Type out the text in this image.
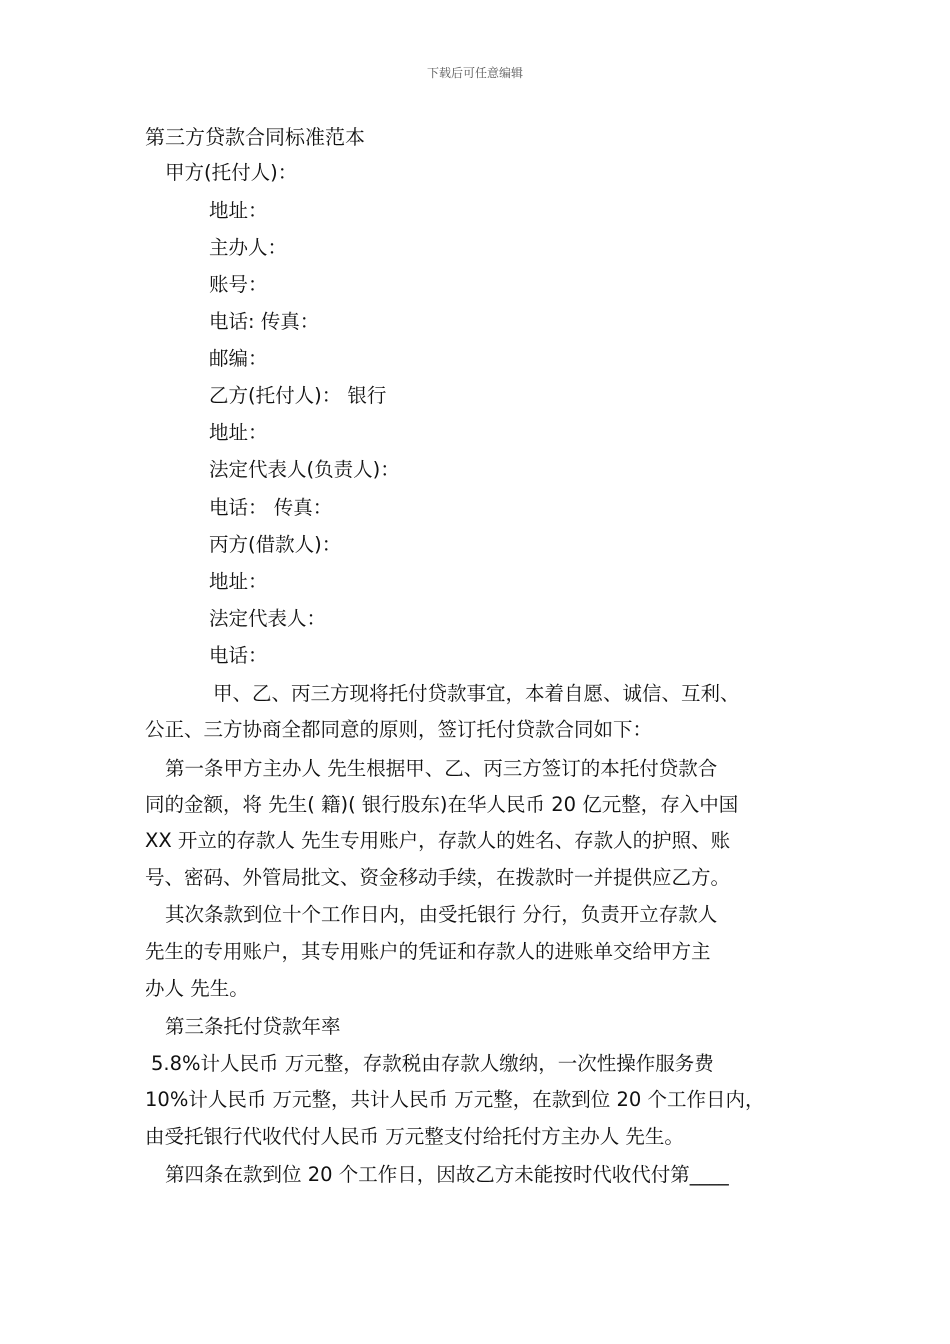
下载后可任意编辑
第三方贷款合同标准范本
甲方(托付人)：
地址：
主办人：
账号：
电话: 传真：
邮编：
乙方(托付人)： 银行
地址：
法定代表人(负责人)：
电话： 传真：
丙方(借款人)：
地址：
法定代表人：
电话：
甲、乙、丙三方现将托付贷款事宜，本着自愿、诚信、互利、
公正、三方协商全都同意的原则，签订托付贷款合同如下：
第一条甲方主办人 先生根据甲、乙、丙三方签订的本托付贷款合
同的金额，将 先生( 籍)( 银行股东)在华人民币 20 亿元整，存入中国
XX 开立的存款人 先生专用账户，存款人的姓名、存款人的护照、账
号、密码、外管局批文、资金移动手续，在拨款时一并提供应乙方。
其次条款到位十个工作日内，由受托银行 分行，负责开立存款人
先生的专用账户，其专用账户的凭证和存款人的进账单交给甲方主
办人 先生。
第三条托付贷款年率
5.8%计人民币 万元整，存款税由存款人缴纳，一次性操作服务费
10%计人民币 万元整，共计人民币 万元整，在款到位 20 个工作日内，
由受托银行代收代付人民币 万元整支付给托付方主办人 先生。
第四条在款到位 20 个工作日，因故乙方未能按时代收代付第____
